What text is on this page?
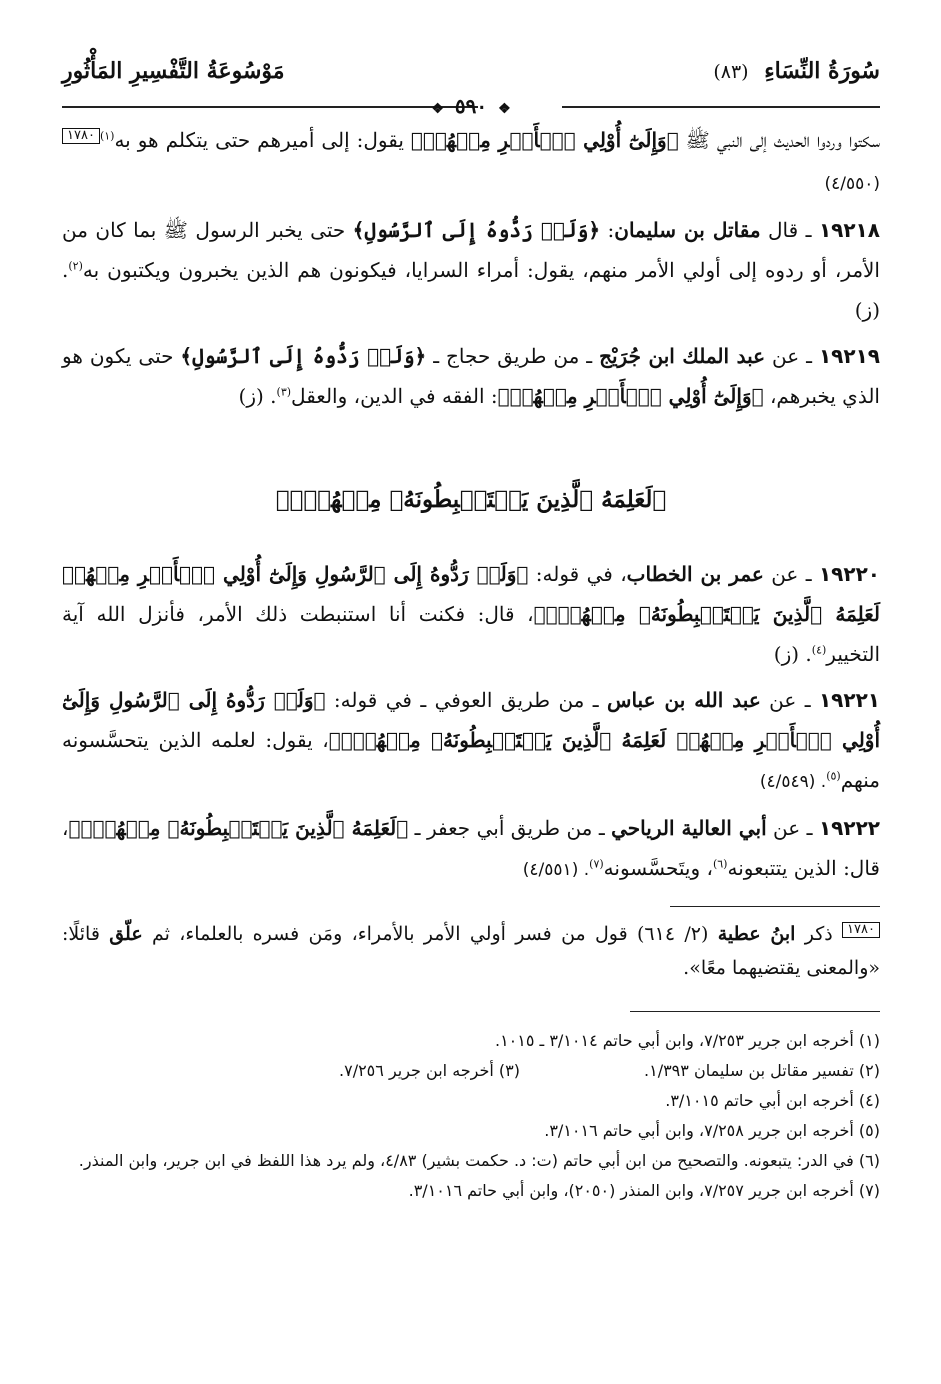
سُورَةُ النِّسَاءِ (٨٣)
مَوْسُوعَةُ التَّفْسِيرِ المَأْثُورِ
❖ ٥٩٠ ❖

سكتوا وردوا الحديث إلى النبي ﷺ ﴿وَإِلَىٰٓ أُوْلِي ٱلۡأَمۡرِ مِنۡهُمۡ﴾ يقول: إلى أميرهم حتى يتكلم هو به$^{(١)}$١٧٨٠ (٤/٥٥٠)

١٩٢١٨ ـ قال مقاتل بن سليمان: ﴿وَلَوۡ رَدُّوهُ إِلَى ٱلرَّسُولِ﴾ حتى يخبر الرسول ﷺ بما كان من الأمر، أو ردوه إلى أولي الأمر منهم، يقول: أمراء السرايا، فيكونون هم الذين يخبرون ويكتبون به$^{(٢)}$. (ز)

١٩٢١٩ ـ عن عبد الملك ابن جُرَيْج ـ من طريق حجاج ـ ﴿وَلَوۡ رَدُّوهُ إِلَى ٱلرَّسُولِ﴾ حتى يكون هو الذي يخبرهم، ﴿وَإِلَىٰٓ أُوْلِي ٱلۡأَمۡرِ مِنۡهُمۡ﴾: الفقه في الدين، والعقل$^{(٣)}$. (ز)

﴿لَعَلِمَهُ ٱلَّذِينَ يَسۡتَنۢبِطُونَهُۥ مِنۡهُمۡۗ﴾

١٩٢٢٠ ـ عن عمر بن الخطاب، في قوله: ﴿وَلَوۡ رَدُّوهُ إِلَى ٱلرَّسُولِ وَإِلَىٰٓ أُوْلِي ٱلۡأَمۡرِ مِنۡهُمۡ لَعَلِمَهُ ٱلَّذِينَ يَسۡتَنۢبِطُونَهُۥ مِنۡهُمۡۗ﴾، قال: فكنت أنا استنبطت ذلك الأمر، فأنزل الله آية التخيير$^{(٤)}$. (ز)

١٩٢٢١ ـ عن عبد الله بن عباس ـ من طريق العوفي ـ في قوله: ﴿وَلَوۡ رَدُّوهُ إِلَى ٱلرَّسُولِ وَإِلَىٰٓ أُوْلِي ٱلۡأَمۡرِ مِنۡهُمۡ لَعَلِمَهُ ٱلَّذِينَ يَسۡتَنۢبِطُونَهُۥ مِنۡهُمۡۗ﴾، يقول: لعلمه الذين يتحسَّسونه منهم$^{(٥)}$. (٤/٥٤٩)

١٩٢٢٢ ـ عن أبي العالية الرياحي ـ من طريق أبي جعفر ـ ﴿لَعَلِمَهُ ٱلَّذِينَ يَسۡتَنۢبِطُونَهُۥ مِنۡهُمۡۗ﴾، قال: الذين يتتبعونه$^{(٦)}$، ويتَحسَّسونه$^{(٧)}$. (٤/٥٥١)

١٧٨٠ ذكر ابنُ عطية (٢/ ٦١٤) قول من فسر أولي الأمر بالأمراء، ومَن فسره بالعلماء، ثم علّق قائلًا: «والمعنى يقتضيهما معًا».

(١) أخرجه ابن جرير ٧/٢٥٣، وابن أبي حاتم ٣/١٠١٤ ـ ١٠١٥.

(٢) تفسير مقاتل بن سليمان ١/٣٩٣.

(٣) أخرجه ابن جرير ٧/٢٥٦.

(٤) أخرجه ابن أبي حاتم ٣/١٠١٥.

(٥) أخرجه ابن جرير ٧/٢٥٨، وابن أبي حاتم ٣/١٠١٦.

(٦) في الدر: يتبعونه. والتصحيح من ابن أبي حاتم (ت: د. حكمت بشير) ٤/٨٣، ولم يرد هذا اللفظ في ابن جرير، وابن المنذر.

(٧) أخرجه ابن جرير ٧/٢٥٧، وابن المنذر (٢٠٥٠)، وابن أبي حاتم ٣/١٠١٦.
